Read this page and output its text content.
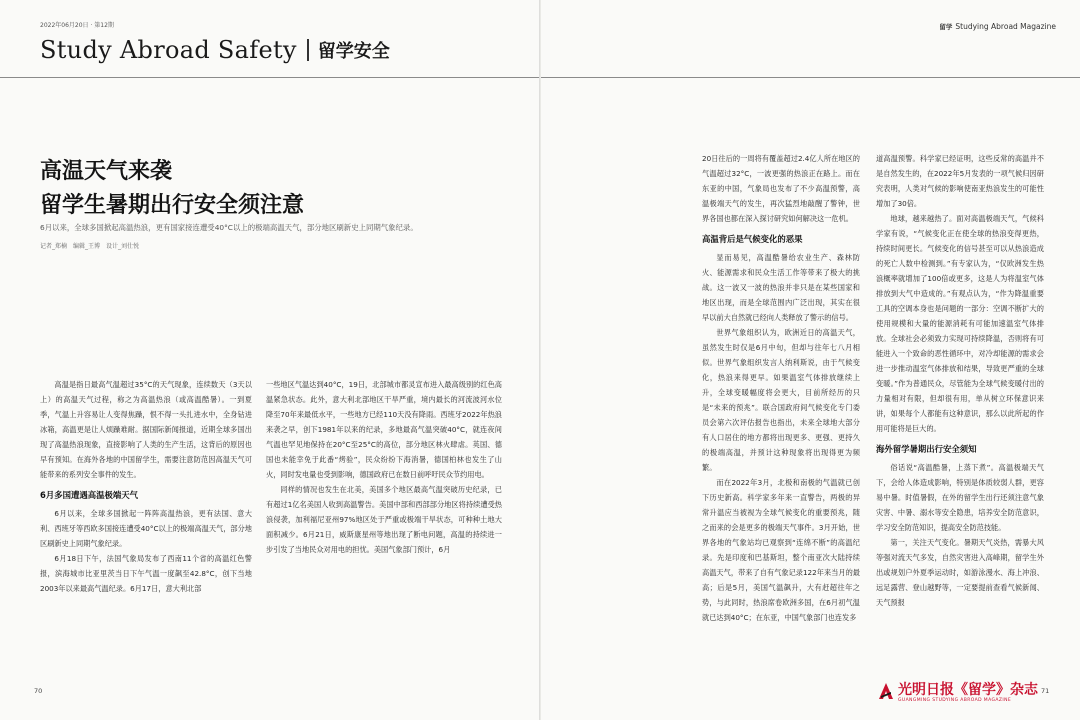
2022年06月20日 · 第12期
Study Abroad Safety 留学安全
高温天气来袭
留学生暑期出行安全须注意
6月以来，全球多国掀起高温热浪，更有国家接连遭受40°C以上的极端高温天气，部分地区刷新史上同期气象纪录。
记者_郑楠　编辑_王博　设计_刘仕悦

高温是指日最高气温超过35°C的天气现象，连续数天（3天以上）的高温天气过程，称之为高温热浪（或高温酷暑）。一到夏季，气温上升容易让人变得焦躁，恨不得一头扎进水中，全身钻进冰箱，高温更是让人烦躁难耐。据国际新闻报道，近期全球多国出现了高温热浪现象，直接影响了人类的生产生活，这背后的原因也早有预知。在海外各地的中国留学生，需要注意防范因高温天气可能带来的系列安全事件的发生。

6月多国遭遇高温极端天气

6月以来，全球多国掀起一阵阵高温热浪，更有法国、意大利、西班牙等西欧多国接连遭受40°C以上的极端高温天气，部分地区刷新史上同期气象纪录。

6月18日下午，法国气象局发布了西南11个省的高温红色警报，滨海城市比亚里茨当日下午气温一度飙至42.8°C，创下当地2003年以来最高气温纪录。6月17日，意大利北部

一些地区气温达到40°C，19日，北部城市都灵宣布进入最高级别的红色高温紧急状态。此外，意大利北部地区干旱严重，境内最长的河流波河水位降至70年来最低水平，一些地方已经110天没有降雨。西班牙2022年热浪来袭之早，创下1981年以来的纪录，多地最高气温突破40°C，就连夜间气温也罕见地保持在20°C至25°C的高位，部分地区林火肆虐。英国、德国也未能幸免于此番“烤验”，民众纷纷下海消暑，德国柏林也发生了山火，同时发电量也受到影响，德国政府已在数日前呼吁民众节约用电。

同样的情况也发生在北美，美国多个地区最高气温突破历史纪录，已有超过1亿名美国人收到高温警告。美国中部和西部部分地区将持续遭受热浪侵袭，加利福尼亚州97%地区处于严重或极端干旱状态，可种种土地大面积减少。6月21日，威斯康星州等地出现了断电问题，高温的持续进一步引发了当地民众对用电的担忧。美国气象部门预计，6月

70
留学 Studying Abroad Magazine

20日往后的一周将有覆盖超过2.4亿人所在地区的气温超过32°C，一波更强的热浪正在路上。而在东亚的中国，气象局也发布了不少高温预警，高温极端天气的发生，再次猛烈地敲醒了警钟，世界各国也都在深入探讨研究如何解决这一危机。

高温背后是气候变化的恶果

显而易见，高温酷暑给农业生产、森林防火、能源需求和民众生活工作等带来了极大的挑战。这一波又一波的热浪并非只是在某些国家和地区出现，而是全球范围内广泛出现，其实在很早以前大自然就已经向人类释放了警示的信号。

世界气象组织认为，欧洲近日的高温天气，虽然发生时仅是6月中旬，但却与往年七八月相似。世界气象组织发言人纳利斯说，由于气候变化，热浪来得更早。如果温室气体排放继续上升，全球变暖幅度将会更大，目前所经历的只是“未来的预兆”。联合国政府间气候变化专门委员会第六次评估报告也指出，未来全球地大部分有人口居住的地方都将出现更多、更强、更持久的极端高温，并预计这种现象将出现得更为频繁。

而在2022年3月，北极和南极的气温就已创下历史新高。科学家多年来一直警告，两极的异常升温应当被视为全球气候变化的重要预兆，随之而来的会是更多的极端天气事件。3月开始，世界各地的气象站均已观察到“连绵不断”的高温纪录。先是印度和巴基斯坦，整个南亚次大陆持续高温天气，带来了自有气象记录122年来当月的最高；后是5月，美国气温飙升，大有赶超往年之势，与此同时，热浪席卷欧洲多国，在6月初气温就已达到40°C；在东亚，中国气象部门也连发多

道高温预警。科学家已经证明，这些反常的高温并不是自然发生的，在2022年5月发表的一项气候归因研究表明，人类对气候的影响使南亚热浪发生的可能性增加了30倍。

地球，越来越热了。面对高温极端天气，气候科学家有说，“气候变化正在使全球的热浪变得更热，持续时间更长。气候变化的信号甚至可以从热浪造成的死亡人数中检测到。”有专家认为，“仅欧洲发生热浪概率就增加了100倍或更多，这是人为将温室气体排放到大气中造成的。”有观点认为，“作为降温重要工具的空调本身也是问题的一部分：空调不断扩大的使用规模和大量的能源消耗有可能加速温室气体排放。全球社会必须致力实现可持续降温，否则将有可能进入一个致命的恶性循环中，对冷却能源的需求会进一步推动温室气体排放和结果，导致更严重的全球变暖。”作为普通民众，尽管能为全球气候变暖付出的力量相对有限，但却很有用，单从树立环保意识来讲，如果每个人都能有这种意识，那么以此所起的作用可能将是巨大的。

海外留学暑期出行安全须知

俗话说“高温酷暑，上蒸下煮”。高温极端天气下，会给人体造成影响，特别是体质较弱人群，更容易中暑。时值暑假，在外的留学生出行还须注意气象灾害、中暑、溺水等安全隐患，培养安全防范意识，学习安全防范知识，提高安全防范技能。

第一，关注天气变化。暑期天气炎热，需暴大风等强对流天气多发，自然灾害进入高峰期，留学生外出或规划户外夏季运动时，如游泳漫水、海上冲浪、远足露营、登山越野等，一定要提前查看气候新闻、天气预报

71
光明日报《留学》杂志
GUANGMING STUDYING ABROAD MAGAZINE
